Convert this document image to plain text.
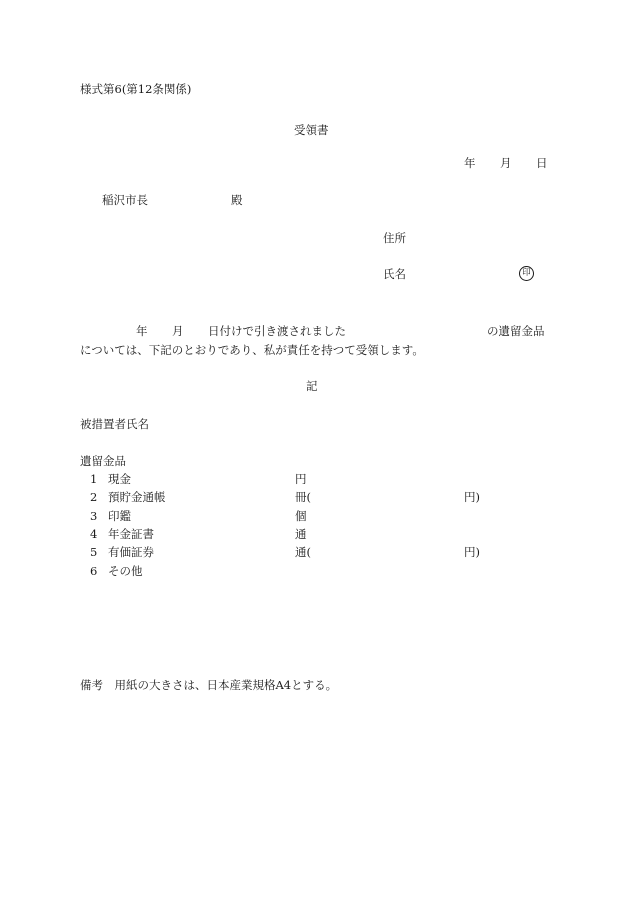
様式第6(第12条関係)
受領書
年 月 日
稲沢市長	殿
住所
氏名	印
年 月 日付けで引き渡されました	の遺留金品
については、下記のとおりであり、私が責任を持つて受領します。
記
被措置者氏名
遺留金品
1 現金	円
2 預貯金通帳	冊(	円)
3 印鑑	個
4 年金証書	通
5 有価証券	通(	円)
6 その他
備考　用紙の大きさは、日本産業規格A4とする。
